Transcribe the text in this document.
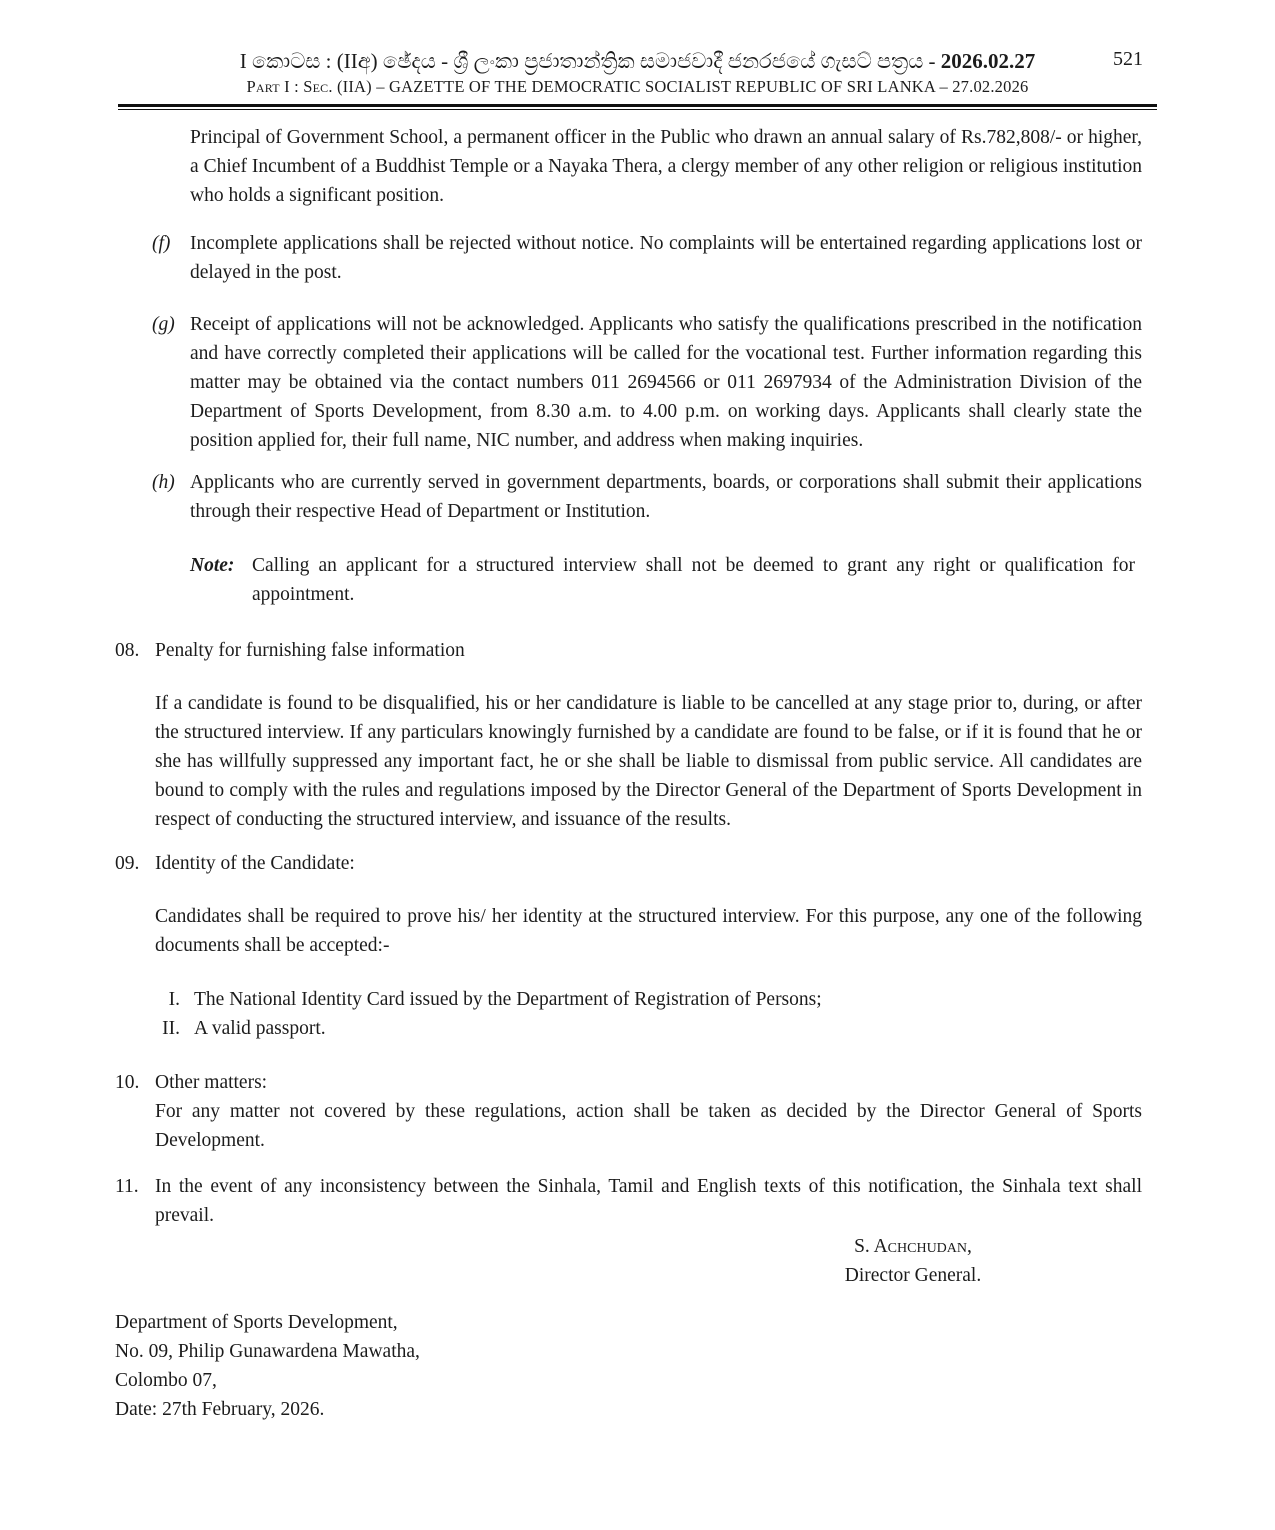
I කොටස : (IIඅ) ඡේදය - ශ්‍රී ලංකා ප්‍රජාතාන්ත්‍රික සමාජවාදී ජනරජයේ ගැසට් පත්‍රය - 2026.02.27
Part I : Sec. (IIA) – GAZETTE OF THE DEMOCRATIC SOCIALIST REPUBLIC OF SRI LANKA – 27.02.2026
521

Principal of Government School, a permanent officer in the Public who drawn an annual salary of Rs.782,808/- or higher, a Chief Incumbent of a Buddhist Temple or a Nayaka Thera, a clergy member of any other religion or religious institution who holds a significant position.

(f) Incomplete applications shall be rejected without notice. No complaints will be entertained regarding applications lost or delayed in the post.
(g) Receipt of applications will not be acknowledged. Applicants who satisfy the qualifications prescribed in the notification and have correctly completed their applications will be called for the vocational test. Further information regarding this matter may be obtained via the contact numbers 011 2694566 or 011 2697934 of the Administration Division of the Department of Sports Development, from 8.30 a.m. to 4.00 p.m. on working days. Applicants shall clearly state the position applied for, their full name, NIC number, and address when making inquiries.
(h) Applicants who are currently served in government departments, boards, or corporations shall submit their applications through their respective Head of Department or Institution.
Note: Calling an applicant for a structured interview shall not be deemed to grant any right or qualification for appointment.
08. Penalty for furnishing false information
If a candidate is found to be disqualified, his or her candidature is liable to be cancelled at any stage prior to, during, or after the structured interview. If any particulars knowingly furnished by a candidate are found to be false, or if it is found that he or she has willfully suppressed any important fact, he or she shall be liable to dismissal from public service. All candidates are bound to comply with the rules and regulations imposed by the Director General of the Department of Sports Development in respect of conducting the structured interview, and issuance of the results.
09. Identity of the Candidate:
Candidates shall be required to prove his/ her identity at the structured interview. For this purpose, any one of the following documents shall be accepted:-
I. The National Identity Card issued by the Department of Registration of Persons;
II. A valid passport.
10. Other matters:
For any matter not covered by these regulations, action shall be taken as decided by the Director General of Sports Development.
11. In the event of any inconsistency between the Sinhala, Tamil and English texts of this notification, the Sinhala text shall prevail.
S. Achchudan,
Director General.
Department of Sports Development,
No. 09, Philip Gunawardena Mawatha,
Colombo 07,
Date: 27th February, 2026.
